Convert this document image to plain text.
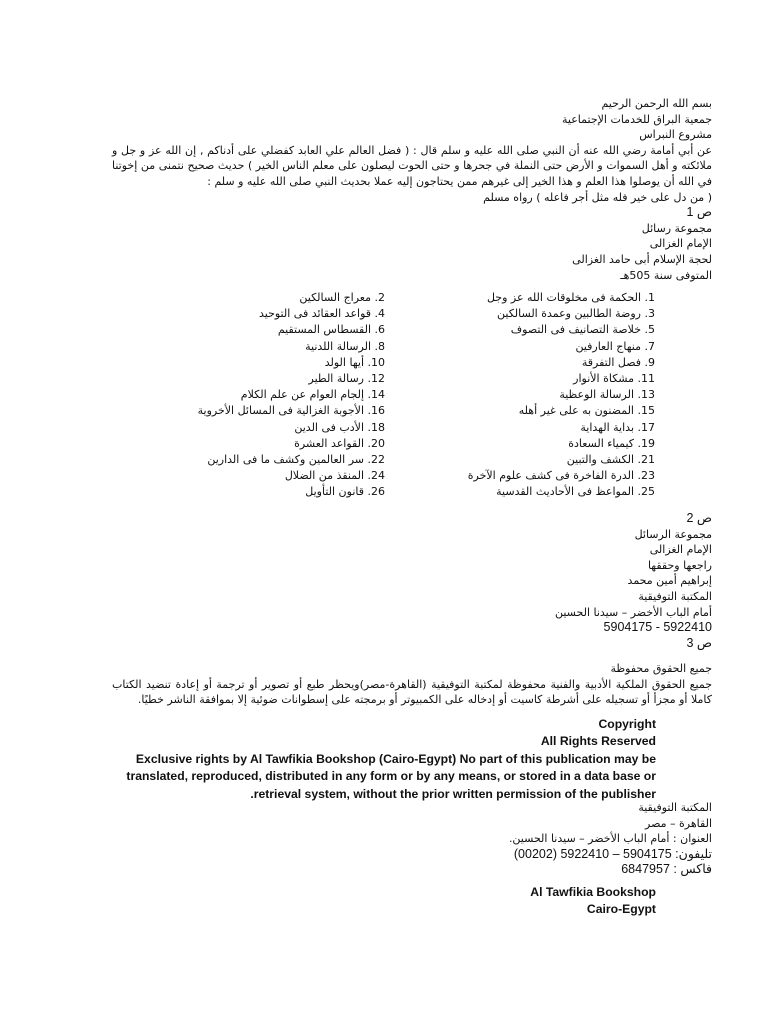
بسم الله الرحمن الرحيم
جمعية البراق للخدمات الإجتماعية
مشروع النبراس
عن أبي أمامة رضي الله عنه أن النبي صلى الله عليه و سلم قال : ( فضل العالم علي العابد كفضلي على أدناكم , إن الله عز و جل و ملائكته و أهل السموات و الأرض حتى النملة في جحرها و حتى الحوت ليصلون على معلم الناس الخير ) حديث صحيح نتمنى من إخوتنا في الله أن يوصلوا هذا العلم و هذا الخير إلى غيرهم ممن يحتاجون إليه عملا بحديث النبي صلى الله عليه و سلم :
( من دل على خير فله مثل أجر فاعله ) رواه مسلم
ص 1
مجموعة رسائل
الإمام الغزالى
لحجة الإسلام أبى حامد الغزالى
المتوفى سنة 505هـ
1. الحكمة فى مخلوقات الله عز وجل
2. معراج السالكين
3. روضة الطالبين وعمدة السالكين
4. قواعد العقائد فى التوحيد
5. خلاصة التصانيف فى التصوف
6. القسطاس المستقيم
7. منهاج العارفين
8. الرسالة اللدنية
9. فصل التفرقة
10. أيها الولد
11. مشكاة الأنوار
12. رسالة الطير
13. الرسالة الوعظية
14. إلجام العوام عن علم الكلام
15. المضنون به على غير أهله
16. الأجوبة الغزالية فى المسائل الأخروية
17. بداية الهداية
18. الأدب فى الدين
19. كيمياء السعادة
20. القواعد العشرة
21. الكشف والتبين
22. سر العالمين وكشف ما فى الدارين
23. الدرة الفاخرة فى كشف علوم الآخرة
24. المنقذ من الضلال
25. المواعظ فى الأحاديث القدسية
26. قانون التأويل
ص 2
مجموعة الرسائل
الإمام الغزالى
راجعها وحققها
إبراهيم أمين محمد
المكتبة التوفيقية
أمام الباب الأخضر – سيدنا الحسين
5922410 - 5904175
ص 3
جميع الحقوق محفوظة
جميع الحقوق الملكية الأدبية والفنية محفوظة لمكتبة التوفيقية (القاهرة-مصر)ويحظر طبع أو تصوير أو ترجمة أو إعادة تنضيد الكتاب كاملا أو مجزأ أو تسجيله على أشرطة كاسيت أو إدخاله على الكمبيوتر أو برمجته على إسطوانات ضوئية إلا بموافقة الناشر خطيًا.
Copyright
All Rights Reserved
Exclusive rights by Al Tawfikia Bookshop (Cairo-Egypt) No part of this publication may be
translated, reproduced, distributed in any form or by any means, or stored in a data base or
.retrieval system, without the prior written permission of the publisher
المكتبة التوفيقية
القاهرة – مصر
العنوان : أمام الباب الأخضر – سيدنا الحسين.
تليفون: 5904175 – 5922410 (00202)
فاكس : 6847957
Al Tawfikia Bookshop
Cairo-Egypt
